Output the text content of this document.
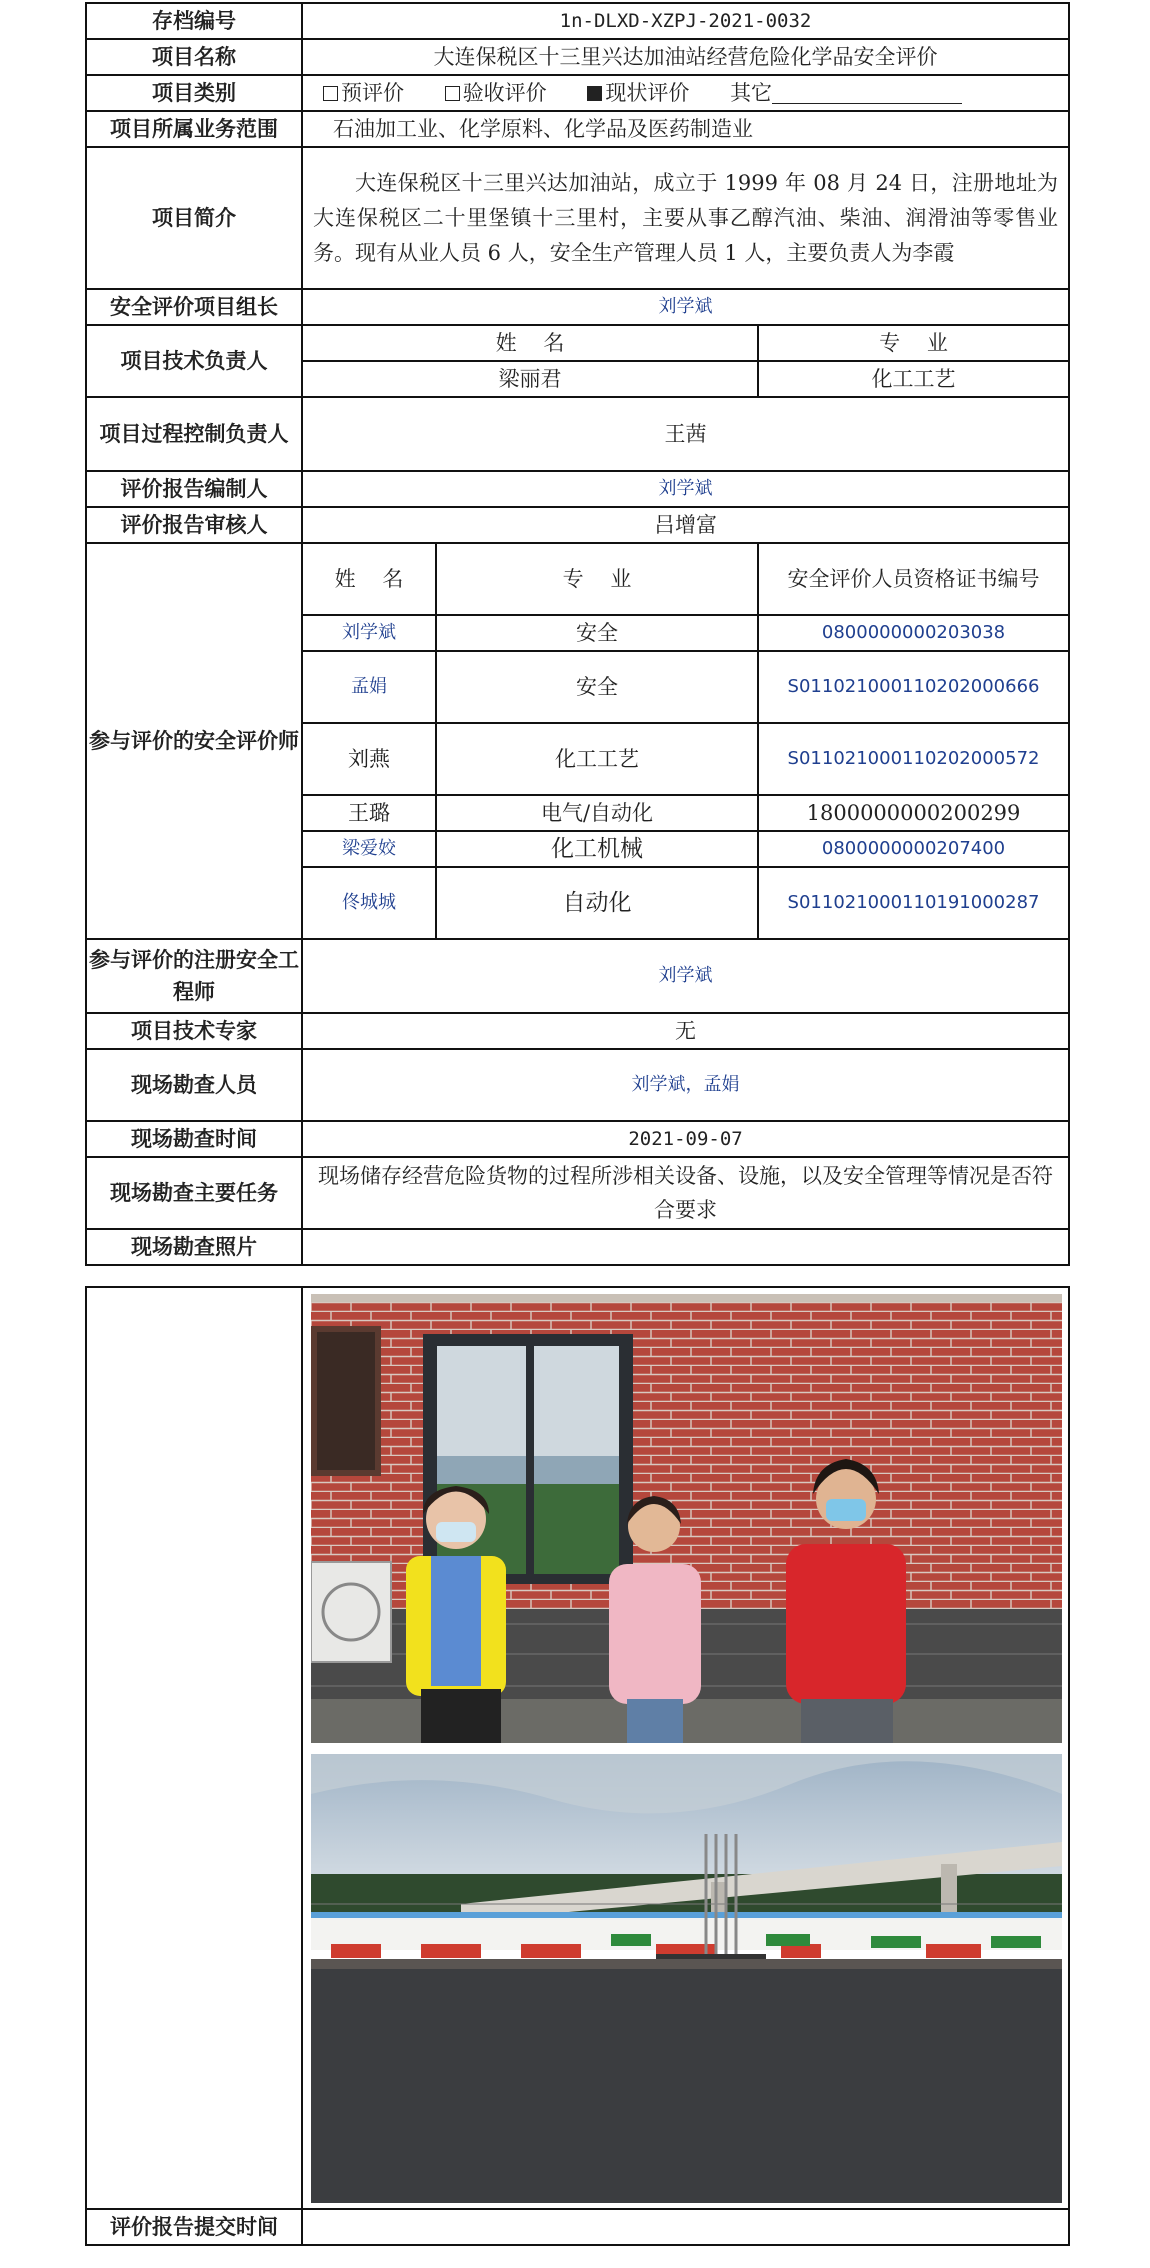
存档编号	1n-DLXD-XZPJ-2021-0032		
项目名称	大连保税区十三里兴达加油站经营危险化学品安全评价		
项目类别	预评价 验收评价 现状评价 其它		
项目所属业务范围	石油加工业、化学原料、化学品及医药制造业		
项目简介	大连保税区十三里兴达加油站，成立于 1999 年 08 月 24 日，注册地址为大连保税区二十里堡镇十三里村，主要从事乙醇汽油、柴油、润滑油等零售业务。现有从业人员 6 人，安全生产管理人员 1 人，主要负责人为李霞		
安全评价项目组长	刘学斌		
项目技术负责人	姓    名		专    业
	梁丽君		化工工艺
项目过程控制负责人	王茜		
评价报告编制人	刘学斌		
评价报告审核人	吕增富		
参与评价的安全评价师	姓    名	专    业	安全评价人员资格证书编号
	刘学斌	安全	0800000000203038
	孟娟	安全	S011021000110202000666
	刘燕	化工工艺	S011021000110202000572
	王璐	电气/自动化	1800000000200299
	梁爱姣	化工机械	0800000000207400
	佟城城	自动化	S011021000110191000287
参与评价的注册安全工程师	刘学斌		
项目技术专家	无		
现场勘查人员	刘学斌，孟娟		
现场勘查时间	2021-09-07		
现场勘查主要任务	现场储存经营危险货物的过程所涉相关设备、设施，以及安全管理等情况是否符合要求		
现场勘查照片			

评价报告提交时间	
